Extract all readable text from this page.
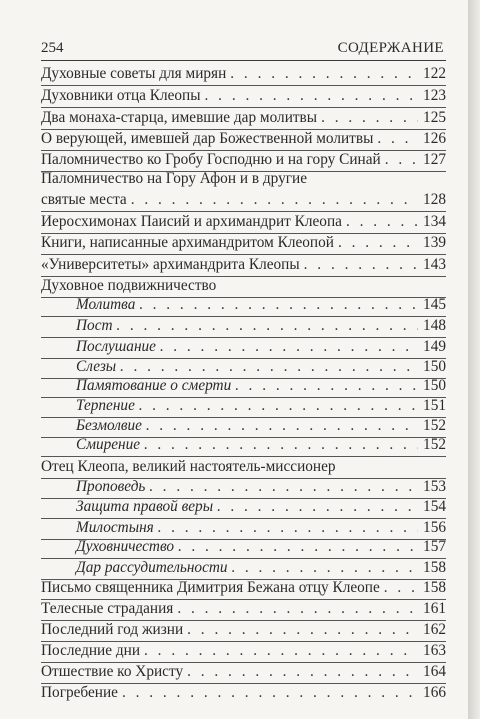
254	СОДЕРЖАНИЕ
Духовные советы для мирян . . .	122
Духовники отца Клеопы . . .	123
Два монаха-старца, имевшие дар молитвы . . .	125
О верующей, имевшей дар Божественной молитвы . . .	126
Паломничество ко Гробу Господню и на гору Синай . . .	127
Паломничество на Гору Афон и в другие
святые места . . .	128
Иеросхимонах Паисий и архимандрит Клеопа . . .	134
Книги, написанные архимандритом Клеопой . . .	139
«Университеты» архимандрита Клеопы . . .	143
Духовное подвижничество
Молитва . . .	145
Пост . . .	148
Послушание . . .	149
Слезы . . .	150
Памятование о смерти . . .	150
Терпение . . .	151
Безмолвие . . .	152
Смирение . . .	152
Отец Клеопа, великий настоятель-миссионер
Проповедь . . .	153
Защита правой веры . . .	154
Милостыня . . .	156
Духовничество . . .	157
Дар рассудительности . . .	158
Письмо священника Димитрия Бежана отцу Клеопе . . .	158
Телесные страдания . . .	161
Последний год жизни . . .	162
Последние дни . . .	163
Отшествие ко Христу . . .	164
Погребение . . .	166
